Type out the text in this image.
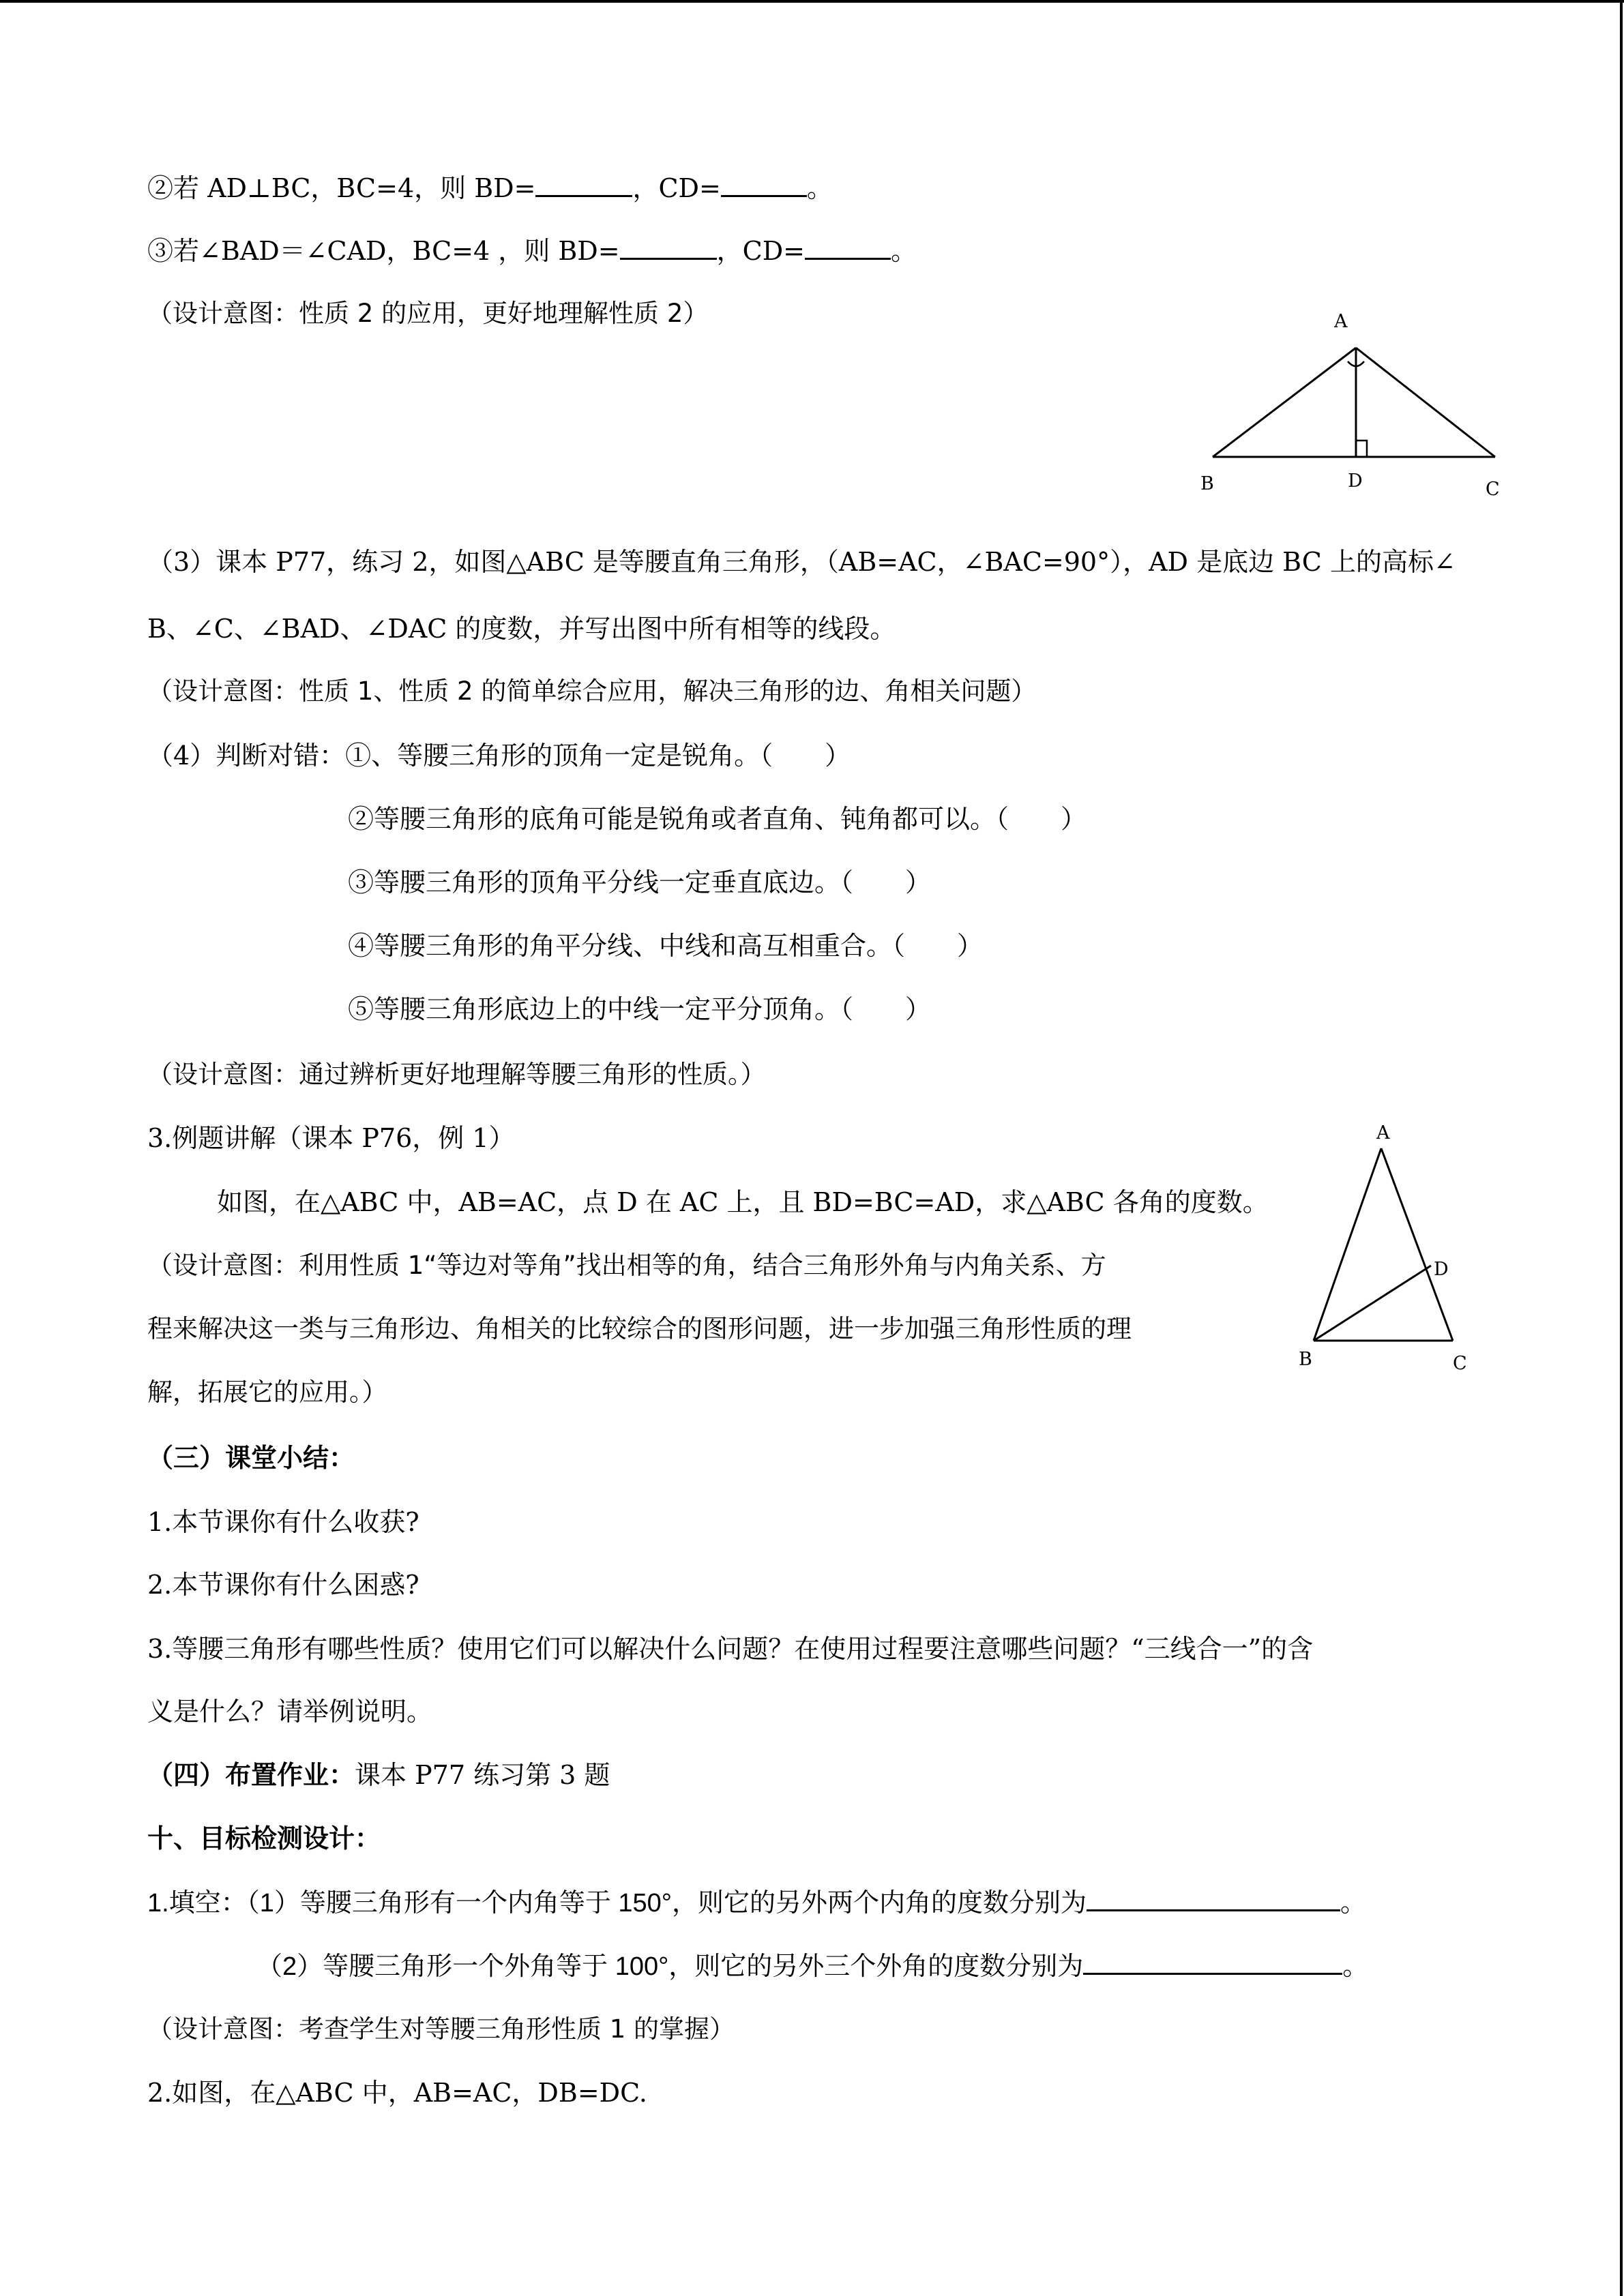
②若 AD⊥BC，BC=4，则 BD=	，CD=	。
③若∠BAD＝∠CAD，BC=4 ，则 BD=	，CD=	。
（设计意图：性质 2 的应用，更好地理解性质 2）	A
B	D	C
（3）课本 P77，练习 2，如图△ABC 是等腰直角三角形，（AB=AC，∠BAC=90°），AD 是底边 BC 上的高标∠
B、∠C、∠BAD、∠DAC 的度数，并写出图中所有相等的线段。
（设计意图：性质 1、性质 2 的简单综合应用，解决三角形的边、角相关问题）
（4）判断对错：①、等腰三角形的顶角一定是锐角。（　　）
②等腰三角形的底角可能是锐角或者直角、钝角都可以。（　　）
③等腰三角形的顶角平分线一定垂直底边。（　　）
④等腰三角形的角平分线、中线和高互相重合。（　　）
⑤等腰三角形底边上的中线一定平分顶角。（　　）
（设计意图：通过辨析更好地理解等腰三角形的性质。）
3.例题讲解（课本 P76，例 1）
如图，在△ABC 中，AB=AC，点 D 在 AC 上，且 BD=BC=AD，求△ABC 各角的度数。
（设计意图：利用性质 1“等边对等角”找出相等的角，结合三角形外角与内角关系、方
程来解决这一类与三角形边、角相关的比较综合的图形问题，进一步加强三角形性质的理
解，拓展它的应用。）
A
B
D
C
（三）课堂小结：
1.本节课你有什么收获?
2.本节课你有什么困惑?
3.等腰三角形有哪些性质？使用它们可以解决什么问题？在使用过程要注意哪些问题？“三线合一”的含
义是什么？请举例说明。
（四）布置作业：课本 P77 练习第 3 题
十、目标检测设计：
1.填空：（1）等腰三角形有一个内角等于 150°，则它的另外两个内角的度数分别为	。
（2）等腰三角形一个外角等于 100°，则它的另外三个外角的度数分别为	。
（设计意图：考查学生对等腰三角形性质 1 的掌握）
2.如图，在△ABC 中，AB=AC，DB=DC.
